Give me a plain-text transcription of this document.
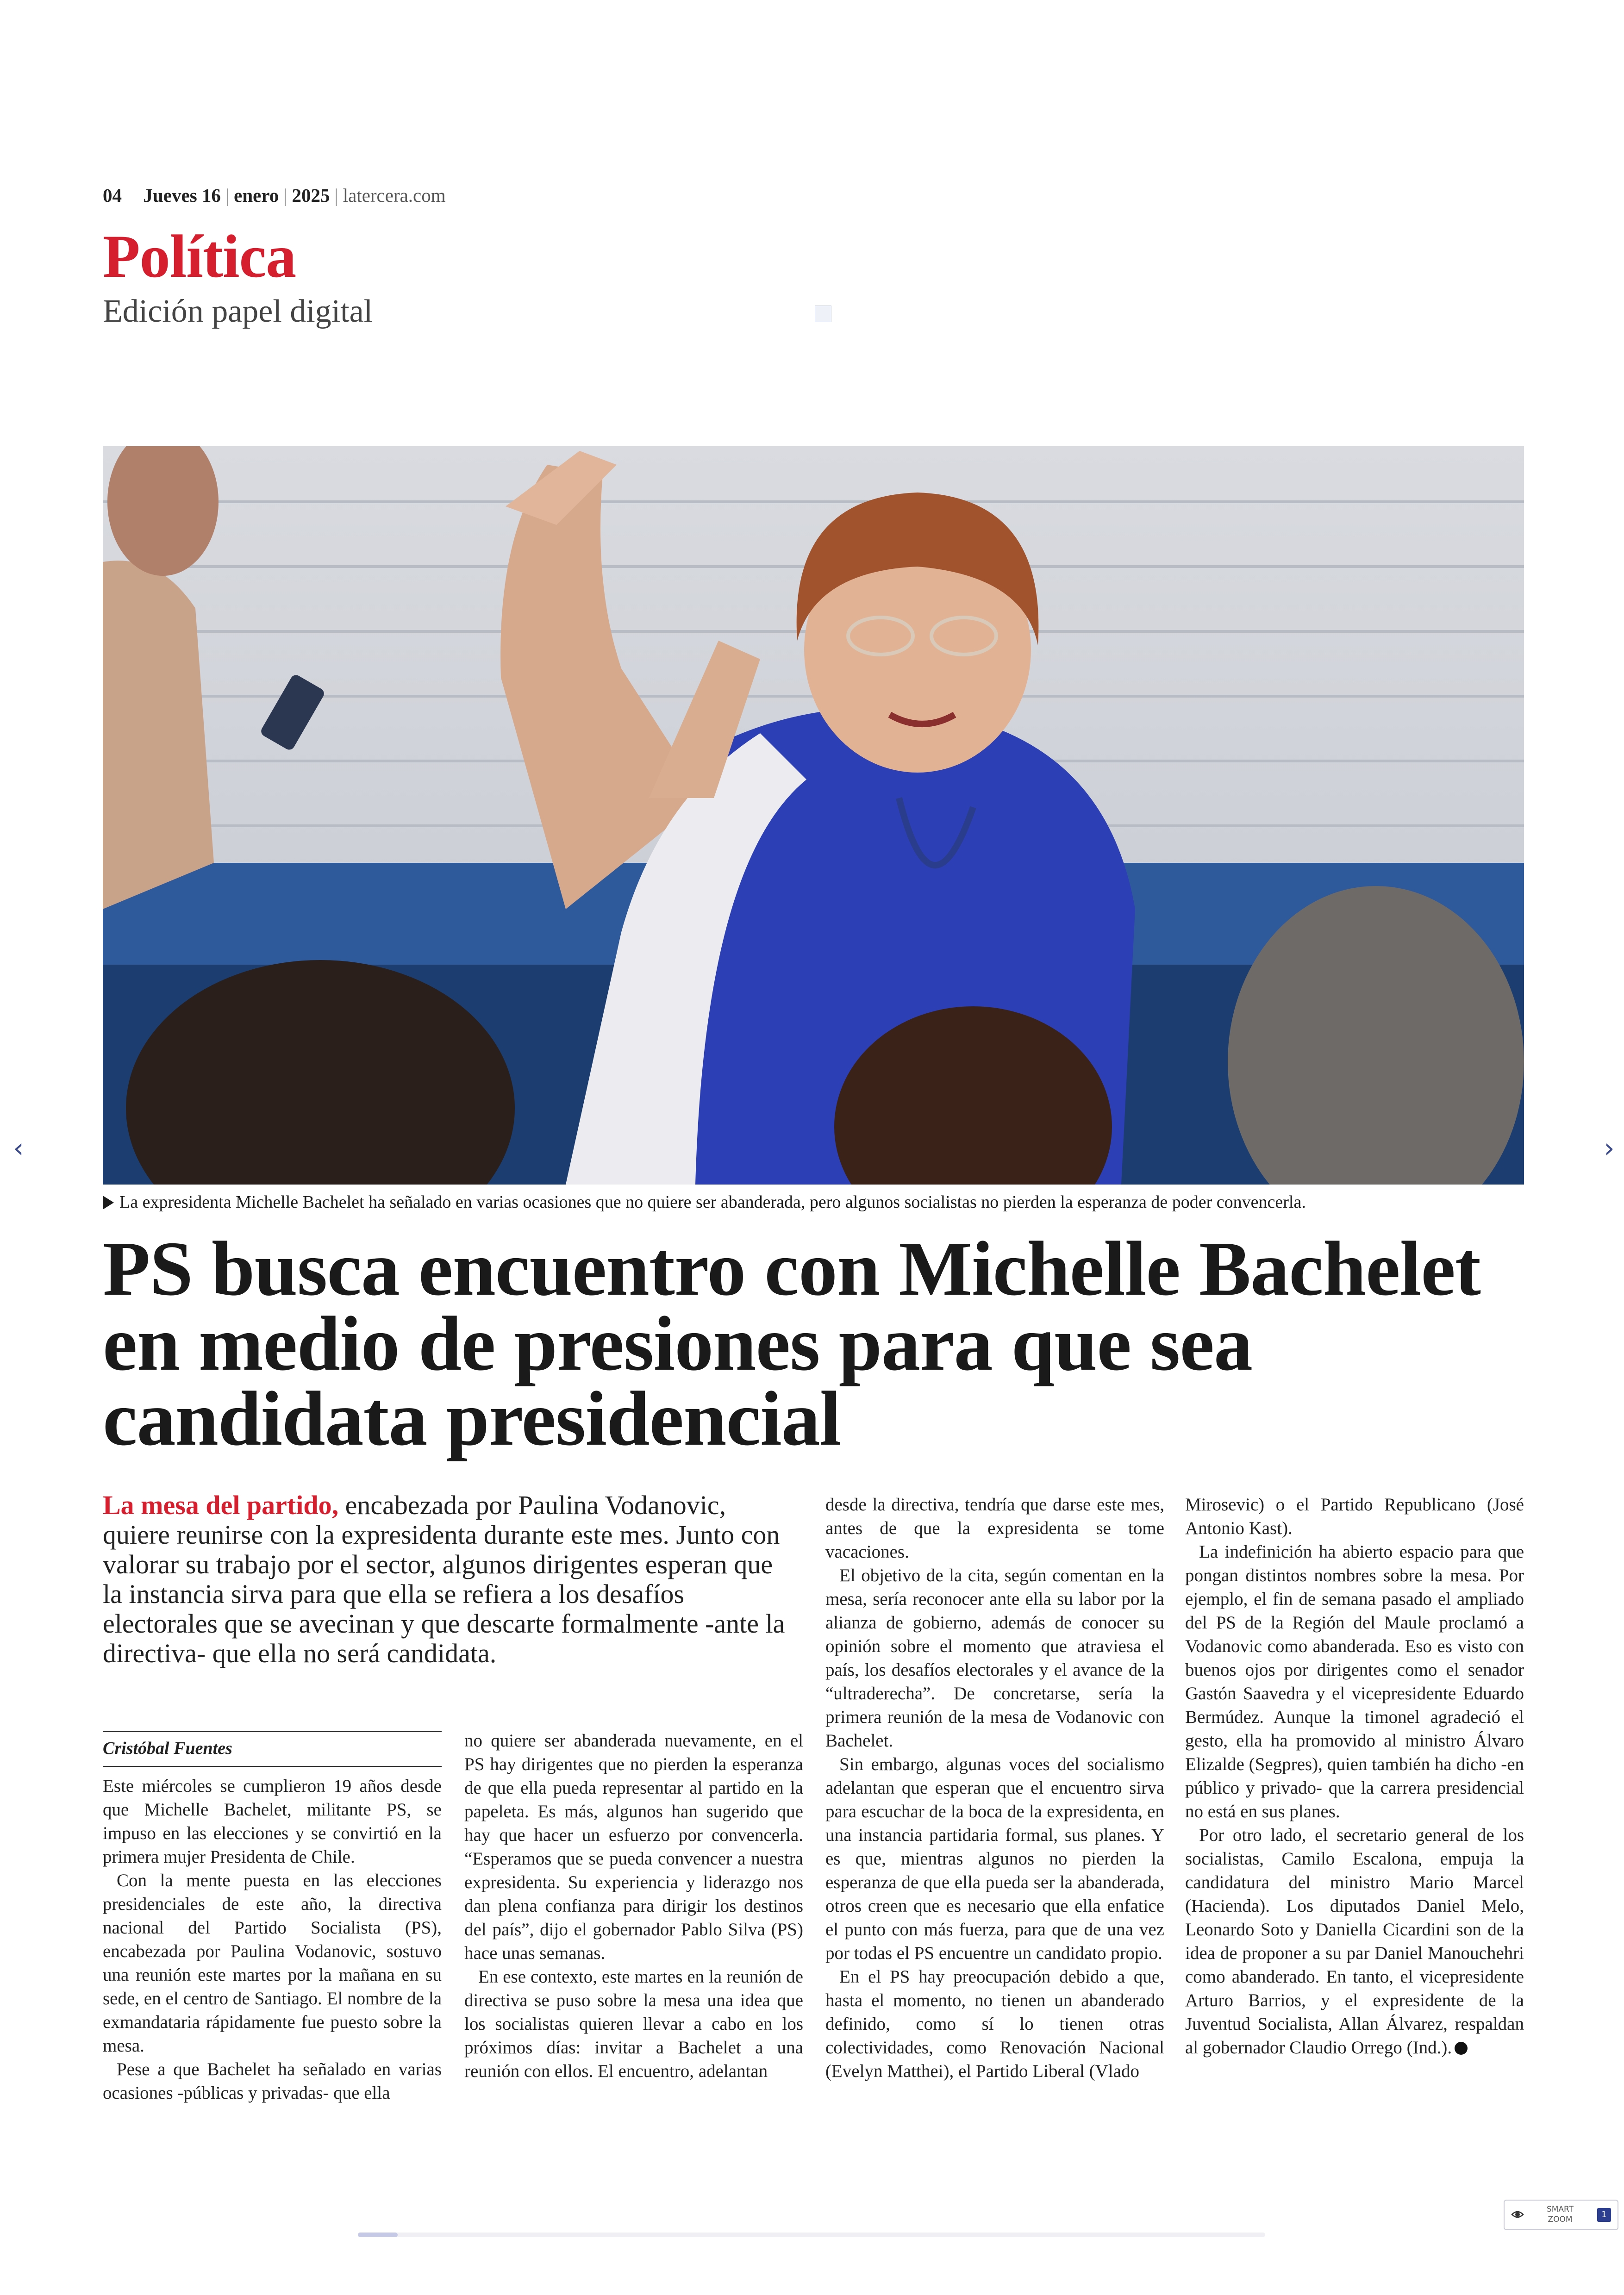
04 Jueves 16 | enero | 2025 | latercera.com
Política
Edición papel digital
La expresidenta Michelle Bachelet ha señalado en varias ocasiones que no quiere ser abanderada, pero algunos socialistas no pierden la esperanza de poder convencerla.
PS busca encuentro con Michelle Bachelet en medio de presiones para que sea candidata presidencial
La mesa del partido, encabezada por Paulina Vodanovic, quiere reunirse con la expresidenta durante este mes. Junto con valorar su trabajo por el sector, algunos dirigentes esperan que la instancia sirva para que ella se refiera a los desafíos electorales que se avecinan y que descarte formalmente -ante la directiva- que ella no será candidata.
Cristóbal Fuentes

Este miércoles se cumplieron 19 años desde que Michelle Bachelet, militante PS, se impuso en las elecciones y se convirtió en la primera mujer Presidenta de Chile.

Con la mente puesta en las elecciones presidenciales de este año, la directiva nacional del Partido Socialista (PS), encabezada por Paulina Vodanovic, sostuvo una reunión este martes por la mañana en su sede, en el centro de Santiago. El nombre de la exmandataria rápidamente fue puesto sobre la mesa.

Pese a que Bachelet ha señalado en varias ocasiones -públicas y privadas- que ella

no quiere ser abanderada nuevamente, en el PS hay dirigentes que no pierden la esperanza de que ella pueda representar al partido en la papeleta. Es más, algunos han sugerido que hay que hacer un esfuerzo por convencerla. “Esperamos que se pueda convencer a nuestra expresidenta. Su experiencia y liderazgo nos dan plena confianza para dirigir los destinos del país”, dijo el gobernador Pablo Silva (PS) hace unas semanas.

En ese contexto, este martes en la reunión de directiva se puso sobre la mesa una idea que los socialistas quieren llevar a cabo en los próximos días: invitar a Bachelet a una reunión con ellos. El encuentro, adelantan

desde la directiva, tendría que darse este mes, antes de que la expresidenta se tome vacaciones.

El objetivo de la cita, según comentan en la mesa, sería reconocer ante ella su labor por la alianza de gobierno, además de conocer su opinión sobre el momento que atraviesa el país, los desafíos electorales y el avance de la “ultraderecha”. De concretarse, sería la primera reunión de la mesa de Vodanovic con Bachelet.

Sin embargo, algunas voces del socialismo adelantan que esperan que el encuentro sirva para escuchar de la boca de la expresidenta, en una instancia partidaria formal, sus planes. Y es que, mientras algunos no pierden la esperanza de que ella pueda ser la abanderada, otros creen que es necesario que ella enfatice el punto con más fuerza, para que de una vez por todas el PS encuentre un candidato propio.

En el PS hay preocupación debido a que, hasta el momento, no tienen un abanderado definido, como sí lo tienen otras colectividades, como Renovación Nacional (Evelyn Matthei), el Partido Liberal (Vlado

Mirosevic) o el Partido Republicano (José Antonio Kast).

La indefinición ha abierto espacio para que pongan distintos nombres sobre la mesa. Por ejemplo, el fin de semana pasado el ampliado del PS de la Región del Maule proclamó a Vodanovic como abanderada. Eso es visto con buenos ojos por dirigentes como el senador Gastón Saavedra y el vicepresidente Eduardo Bermúdez. Aunque la timonel agradeció el gesto, ella ha promovido al ministro Álvaro Elizalde (Segpres), quien también ha dicho -en público y privado- que la carrera presidencial no está en sus planes.

Por otro lado, el secretario general de los socialistas, Camilo Escalona, empuja la candidatura del ministro Mario Marcel (Hacienda). Los diputados Daniel Melo, Leonardo Soto y Daniella Cicardini son de la idea de proponer a su par Daniel Manouchehri como abanderado. En tanto, el vicepresidente Arturo Barrios, y el expresidente de la Juventud Socialista, Allan Álvarez, respaldan al gobernador Claudio Orrego (Ind.).

‹	›
SMART
ZOOM	1
